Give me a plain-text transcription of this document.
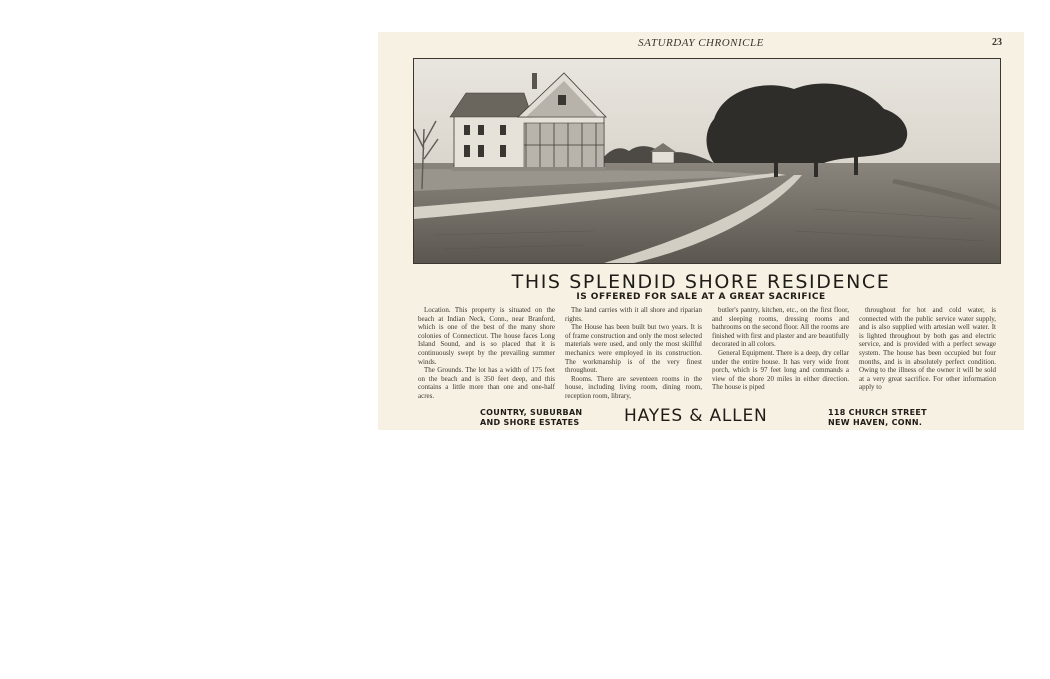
SATURDAY CHRONICLE	23
THIS SPLENDID SHORE RESIDENCE
IS OFFERED FOR SALE AT A GREAT SACRIFICE

Location. This property is situated on the beach at Indian Neck, Conn., near Branford, which is one of the best of the many shore colonies of Connecticut. The house faces Long Island Sound, and is so placed that it is continuously swept by the prevailing summer winds.

The Grounds. The lot has a width of 175 feet on the beach and is 350 feet deep, and this contains a little more than one and one-half acres.

The land carries with it all shore and riparian rights.

The House has been built but two years. It is of frame construction and only the most selected materials were used, and only the most skillful mechanics were employed in its construction. The workmanship is of the very finest throughout.

Rooms. There are seventeen rooms in the house, including living room, dining room, reception room, library,

butler's pantry, kitchen, etc., on the first floor, and sleeping rooms, dressing rooms and bathrooms on the second floor. All the rooms are finished with first and plaster and are beautifully decorated in all colors.

General Equipment. There is a deep, dry cellar under the entire house. It has very wide front porch, which is 97 feet long and commands a view of the shore 20 miles in either direction. The house is piped

throughout for hot and cold water, is connected with the public service water supply, and is also supplied with artesian well water. It is lighted throughout by both gas and electric service, and is provided with a perfect sewage system. The house has been occupied but four months, and is in absolutely perfect condition. Owing to the illness of the owner it will be sold at a very great sacrifice. For other information apply to

COUNTRY, SUBURBAN
AND SHORE ESTATES	HAYES & ALLEN	118 CHURCH STREET
NEW HAVEN, CONN.
